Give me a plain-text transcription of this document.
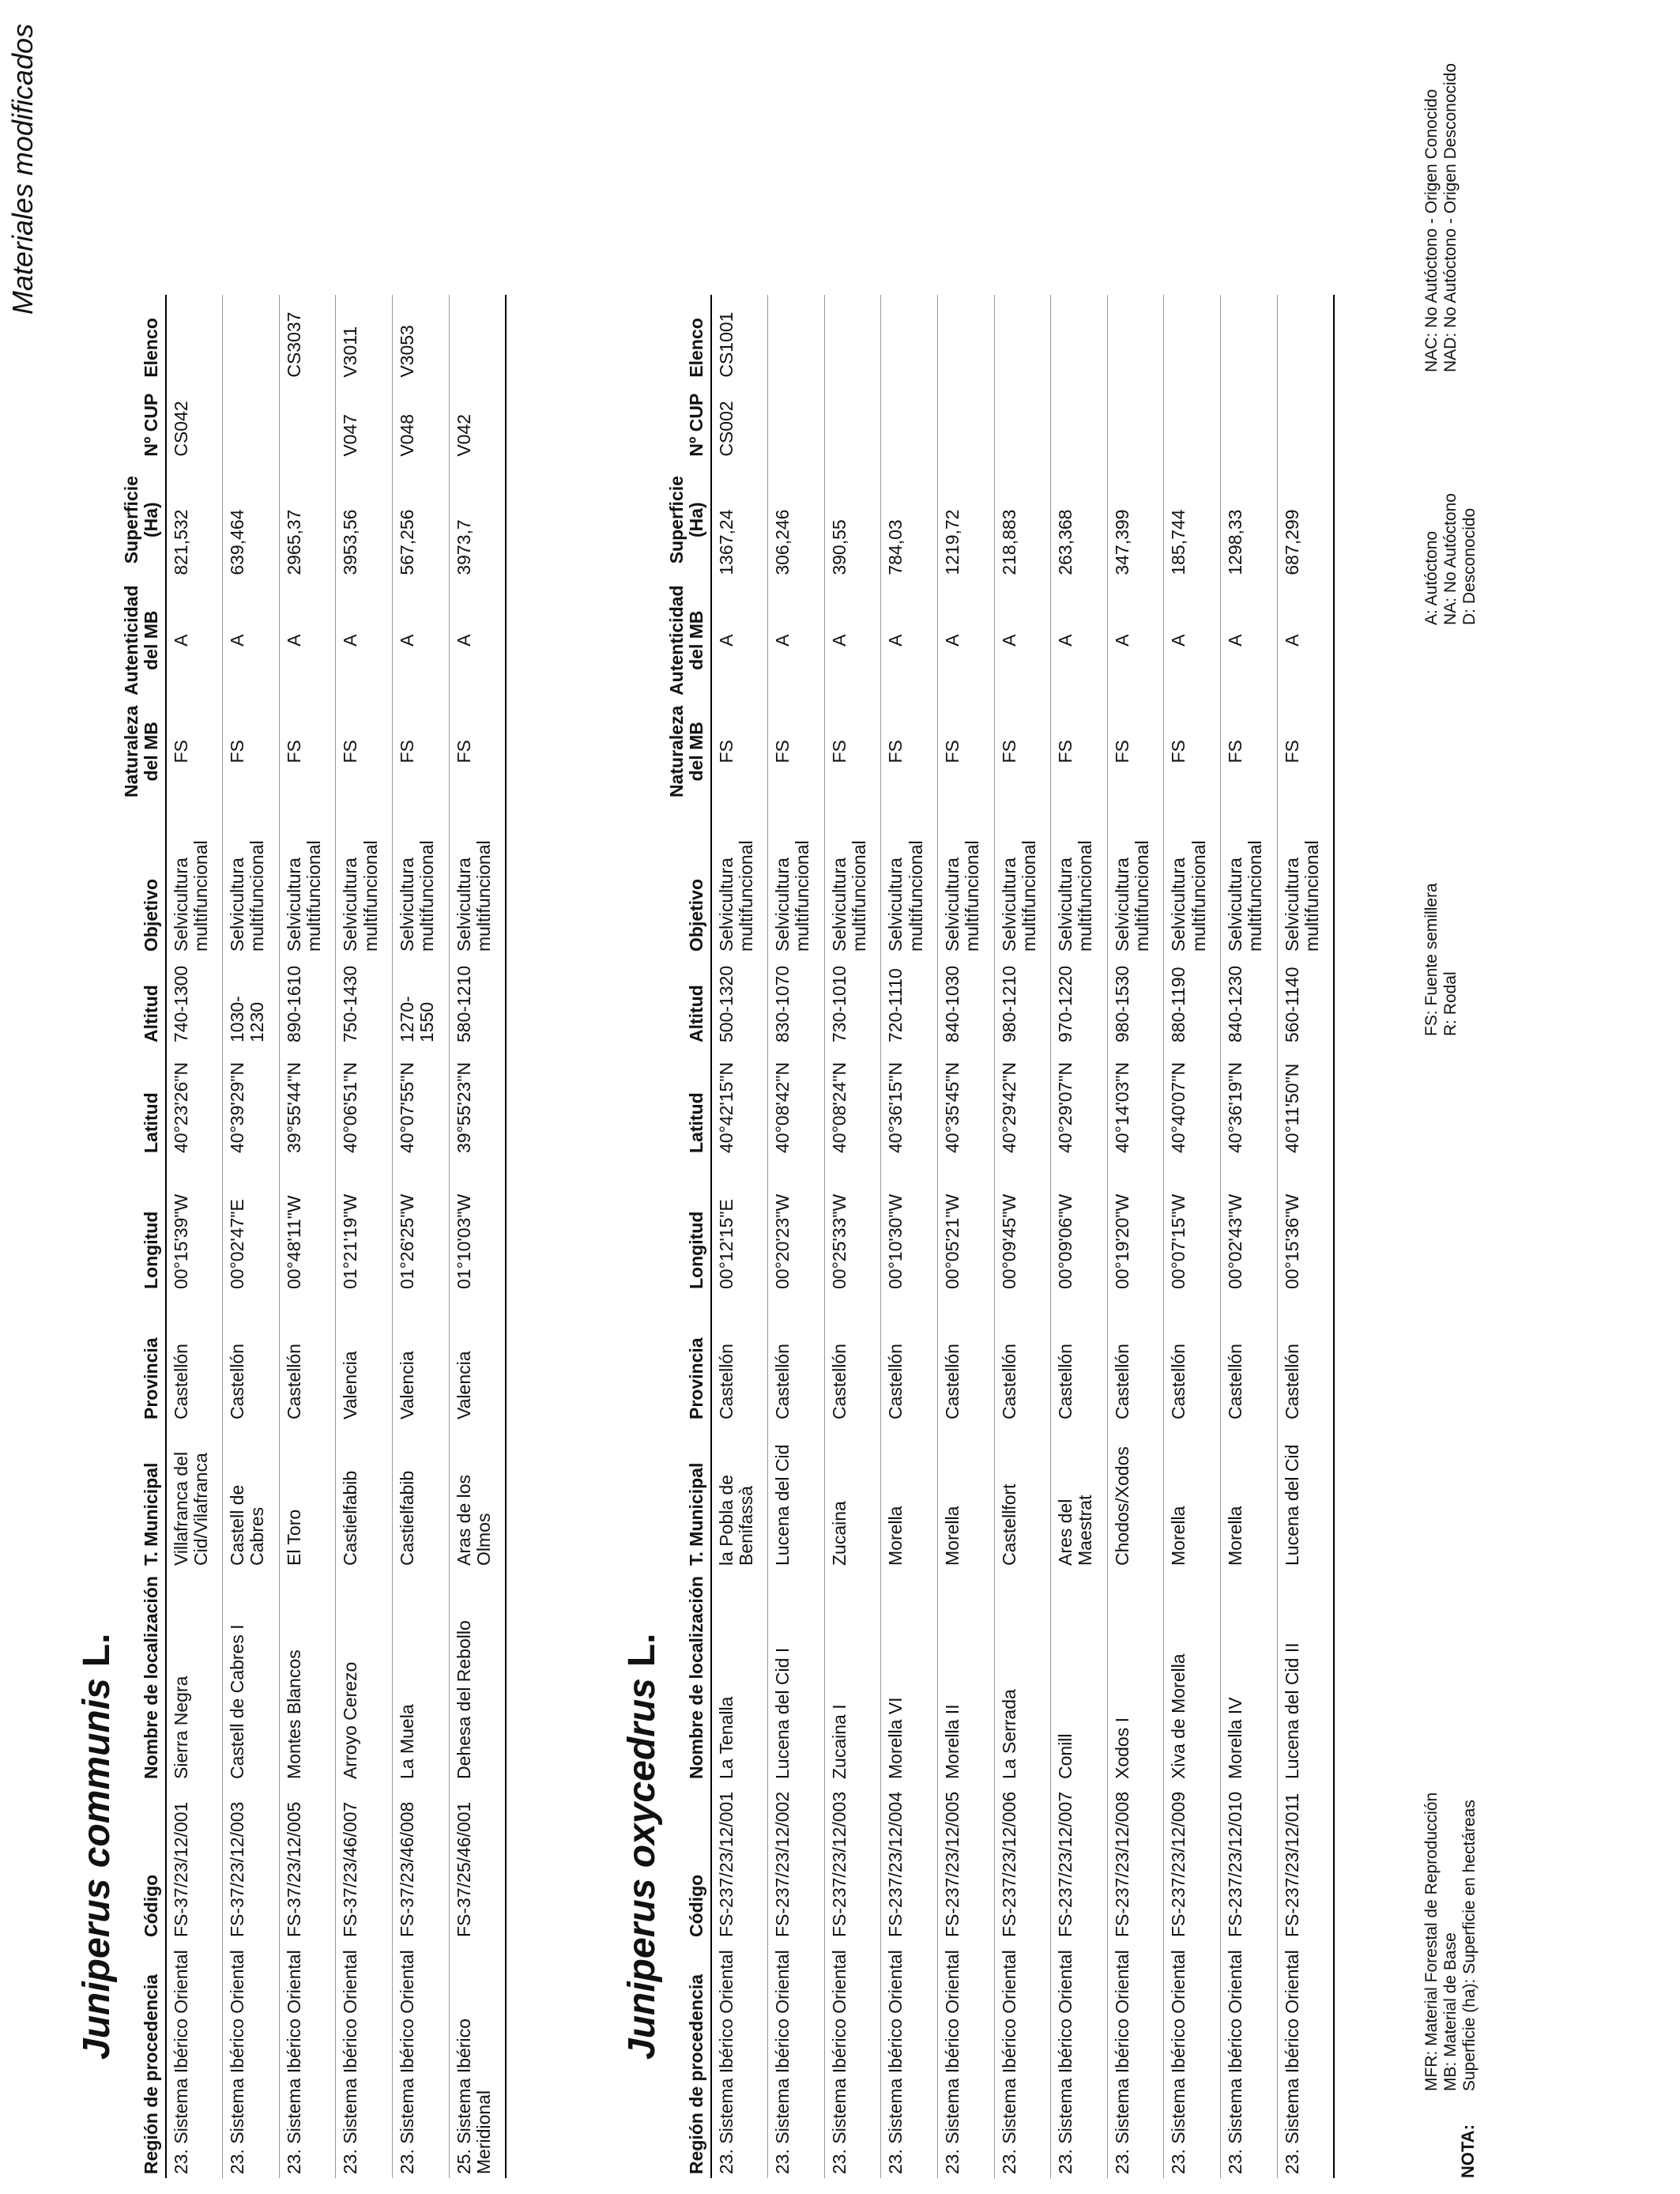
Materiales modificados
Juniperus communisL.
Región de procedencia	Código	Nombre de localización	T. Municipal	Provincia	Longitud	Latitud	Altitud	Objetivo	Naturaleza del MB	Autenticidad del MB	Superficie (Ha)	Nº CUP	Elenco
23. Sistema Ibérico Oriental	FS-37/23/12/001	Sierra Negra	Villafranca del Cid/Vilafranca	Castellón	00°15'39"W	40°23'26"N	740-1300	Selvicultura multifuncional	FS	A	821,532	CS042	
23. Sistema Ibérico Oriental	FS-37/23/12/003	Castell de Cabres I	Castell de Cabres	Castellón	00°02'47"E	40°39'29"N	1030-1230	Selvicultura multifuncional	FS	A	639,464		
23. Sistema Ibérico Oriental	FS-37/23/12/005	Montes Blancos	El Toro	Castellón	00°48'11"W	39°55'44"N	890-1610	Selvicultura multifuncional	FS	A	2965,37		CS3037
23. Sistema Ibérico Oriental	FS-37/23/46/007	Arroyo Cerezo	Castielfabib	Valencia	01°21'19"W	40°06'51"N	750-1430	Selvicultura multifuncional	FS	A	3953,56	V047	V3011
23. Sistema Ibérico Oriental	FS-37/23/46/008	La Muela	Castielfabib	Valencia	01°26'25"W	40°07'55"N	1270-1550	Selvicultura multifuncional	FS	A	567,256	V048	V3053
25. Sistema Ibérico Meridional	FS-37/25/46/001	Dehesa del Rebollo	Aras de los Olmos	Valencia	01°10'03"W	39°55'23"N	580-1210	Selvicultura multifuncional	FS	A	3973,7	V042	
Juniperus oxycedrusL.
Región de procedencia	Código	Nombre de localización	T. Municipal	Provincia	Longitud	Latitud	Altitud	Objetivo	Naturaleza del MB	Autenticidad del MB	Superficie (Ha)	Nº CUP	Elenco
23. Sistema Ibérico Oriental	FS-237/23/12/001	La Tenalla	la Pobla de Benifassà	Castellón	00°12'15"E	40°42'15"N	500-1320	Selvicultura multifuncional	FS	A	1367,24	CS002	CS1001
23. Sistema Ibérico Oriental	FS-237/23/12/002	Lucena del Cid I	Lucena del Cid	Castellón	00°20'23"W	40°08'42"N	830-1070	Selvicultura multifuncional	FS	A	306,246		
23. Sistema Ibérico Oriental	FS-237/23/12/003	Zucaina I	Zucaina	Castellón	00°25'33"W	40°08'24"N	730-1010	Selvicultura multifuncional	FS	A	390,55		
23. Sistema Ibérico Oriental	FS-237/23/12/004	Morella VI	Morella	Castellón	00°10'30"W	40°36'15"N	720-1110	Selvicultura multifuncional	FS	A	784,03		
23. Sistema Ibérico Oriental	FS-237/23/12/005	Morella II	Morella	Castellón	00°05'21"W	40°35'45"N	840-1030	Selvicultura multifuncional	FS	A	1219,72		
23. Sistema Ibérico Oriental	FS-237/23/12/006	La Serrada	Castellfort	Castellón	00°09'45"W	40°29'42"N	980-1210	Selvicultura multifuncional	FS	A	218,883		
23. Sistema Ibérico Oriental	FS-237/23/12/007	Conill	Ares del Maestrat	Castellón	00°09'06"W	40°29'07"N	970-1220	Selvicultura multifuncional	FS	A	263,368		
23. Sistema Ibérico Oriental	FS-237/23/12/008	Xodos I	Chodos/Xodos	Castellón	00°19'20"W	40°14'03"N	980-1530	Selvicultura multifuncional	FS	A	347,399		
23. Sistema Ibérico Oriental	FS-237/23/12/009	Xiva de Morella	Morella	Castellón	00°07'15"W	40°40'07"N	880-1190	Selvicultura multifuncional	FS	A	185,744		
23. Sistema Ibérico Oriental	FS-237/23/12/010	Morella IV	Morella	Castellón	00°02'43"W	40°36'19"N	840-1230	Selvicultura multifuncional	FS	A	1298,33		
23. Sistema Ibérico Oriental	FS-237/23/12/011	Lucena del Cid II	Lucena del Cid	Castellón	00°15'36"W	40°11'50"N	560-1140	Selvicultura multifuncional	FS	A	687,299		
NOTA:
MFR: Material Forestal de Reproducción MB: Material de Base Superficie (ha): Superficie en hectáreas
FS: Fuente semillera R: Rodal
A: Autóctono NA: No Autóctono D: Desconocido
NAC: No Autóctono - Origen Conocido NAD: No Autóctono - Origen Desconocido
